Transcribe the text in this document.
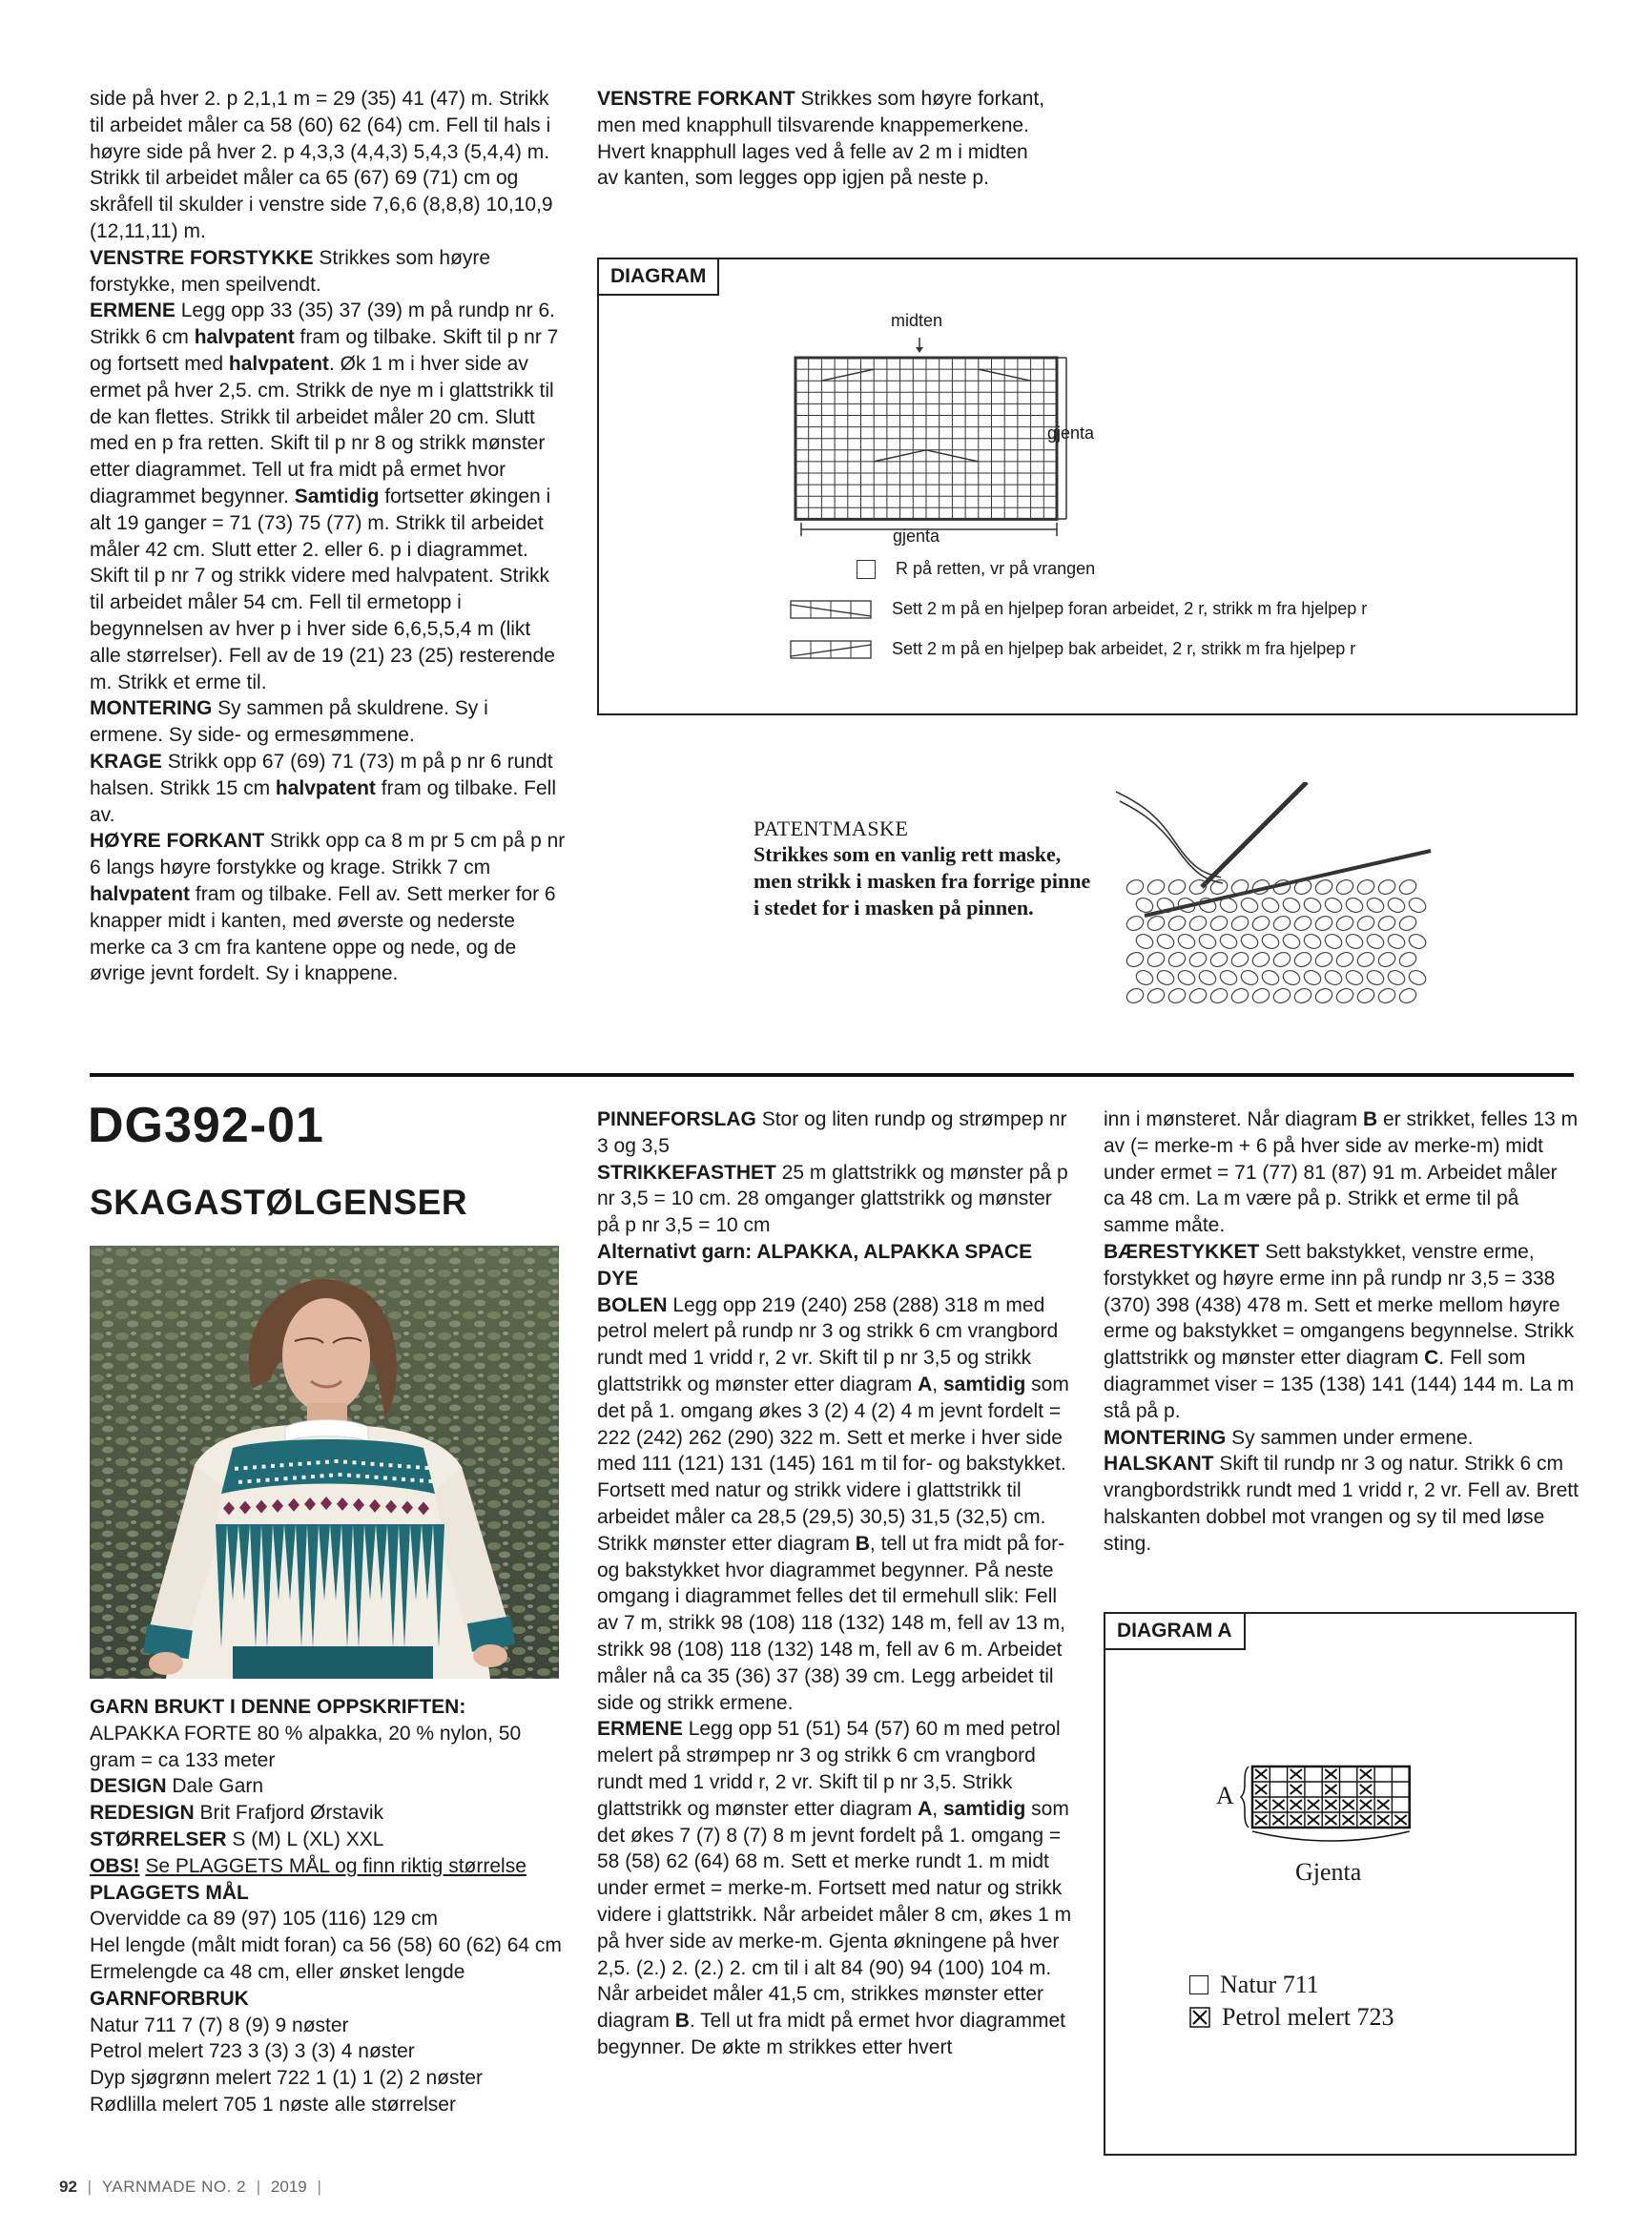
side på hver 2. p 2,1,1 m = 29 (35) 41 (47) m. Strikk til arbeidet måler ca 58 (60) 62 (64) cm. Fell til hals i høyre side på hver 2. p 4,3,3 (4,4,3) 5,4,3 (5,4,4) m. Strikk til arbeidet måler ca 65 (67) 69 (71) cm og skråfell til skulder i venstre side 7,6,6 (8,8,8) 10,10,9 (12,11,11) m.

VENSTRE FORSTYKKE Strikkes som høyre forstykke, men speilvendt.

ERMENE Legg opp 33 (35) 37 (39) m på rundp nr 6. Strikk 6 cm halvpatent fram og tilbake. Skift til p nr 7 og fortsett med halvpatent. Øk 1 m i hver side av ermet på hver 2,5. cm. Strikk de nye m i glattstrikk til de kan flettes. Strikk til arbeidet måler 20 cm. Slutt med en p fra retten. Skift til p nr 8 og strikk mønster etter diagrammet. Tell ut fra midt på ermet hvor diagrammet begynner. Samtidig fortsetter økingen i alt 19 ganger = 71 (73) 75 (77) m. Strikk til arbeidet måler 42 cm. Slutt etter 2. eller 6. p i diagrammet. Skift til p nr 7 og strikk videre med halvpatent. Strikk til arbeidet måler 54 cm. Fell til ermetopp i begynnelsen av hver p i hver side 6,6,5,5,4 m (likt alle størrelser). Fell av de 19 (21) 23 (25) resterende m. Strikk et erme til.

MONTERING Sy sammen på skuldrene. Sy i ermene. Sy side- og ermesømmene.

KRAGE Strikk opp 67 (69) 71 (73) m på p nr 6 rundt halsen. Strikk 15 cm halvpatent fram og tilbake. Fell av.

HØYRE FORKANT Strikk opp ca 8 m pr 5 cm på p nr 6 langs høyre forstykke og krage. Strikk 7 cm halvpatent fram og tilbake. Fell av. Sett merker for 6 knapper midt i kanten, med øverste og nederste merke ca 3 cm fra kantene oppe og nede, og de øvrige jevnt fordelt. Sy i knappene.

VENSTRE FORKANT Strikkes som høyre forkant, men med knapphull tilsvarende knappemerkene. Hvert knapphull lages ved å felle av 2 m i midten av kanten, som legges opp igjen på neste p.

DIAGRAM
midten
gjenta
gjenta
R på retten, vr på vrangen
Sett 2 m på en hjelpep foran arbeidet, 2 r, strikk m fra hjelpep r
Sett 2 m på en hjelpep bak arbeidet, 2 r, strikk m fra hjelpep r
PATENTMASKE
Strikkes som en vanlig rett maske,
men strikk i masken fra forrige pinne
i stedet for i masken på pinnen.
DG392-01
SKAGASTØLGENSER

GARN BRUKT I DENNE OPPSKRIFTEN:

ALPAKKA FORTE 80 % alpakka, 20 % nylon, 50 gram = ca 133 meter

DESIGN Dale Garn

REDESIGN Brit Frafjord Ørstavik

STØRRELSER S (M) L (XL) XXL

OBS! Se PLAGGETS MÅL og finn riktig størrelse

PLAGGETS MÅL

Overvidde ca 89 (97) 105 (116) 129 cm

Hel lengde (målt midt foran) ca 56 (58) 60 (62) 64 cm

Ermelengde ca 48 cm, eller ønsket lengde

GARNFORBRUK

Natur 711 7 (7) 8 (9) 9 nøster

Petrol melert 723 3 (3) 3 (3) 4 nøster

Dyp sjøgrønn melert 722 1 (1) 1 (2) 2 nøster

Rødlilla melert 705 1 nøste alle størrelser

PINNEFORSLAG Stor og liten rundp og strømpep nr 3 og 3,5

STRIKKEFASTHET 25 m glattstrikk og mønster på p nr 3,5 = 10 cm. 28 omganger glattstrikk og mønster på p nr 3,5 = 10 cm

Alternativt garn: ALPAKKA, ALPAKKA SPACE DYE

BOLEN Legg opp 219 (240) 258 (288) 318 m med petrol melert på rundp nr 3 og strikk 6 cm vrangbord rundt med 1 vridd r, 2 vr. Skift til p nr 3,5 og strikk glattstrikk og mønster etter diagram A, samtidig som det på 1. omgang økes 3 (2) 4 (2) 4 m jevnt fordelt = 222 (242) 262 (290) 322 m. Sett et merke i hver side med 111 (121) 131 (145) 161 m til for- og bakstykket. Fortsett med natur og strikk videre i glattstrikk til arbeidet måler ca 28,5 (29,5) 30,5) 31,5 (32,5) cm. Strikk mønster etter diagram B, tell ut fra midt på for- og bakstykket hvor diagrammet begynner. På neste omgang i diagrammet felles det til ermehull slik: Fell av 7 m, strikk 98 (108) 118 (132) 148 m, fell av 13 m, strikk 98 (108) 118 (132) 148 m, fell av 6 m. Arbeidet måler nå ca 35 (36) 37 (38) 39 cm. Legg arbeidet til side og strikk ermene.

ERMENE Legg opp 51 (51) 54 (57) 60 m med petrol melert på strømpep nr 3 og strikk 6 cm vrangbord rundt med 1 vridd r, 2 vr. Skift til p nr 3,5. Strikk glattstrikk og mønster etter diagram A, samtidig som det økes 7 (7) 8 (7) 8 m jevnt fordelt på 1. omgang = 58 (58) 62 (64) 68 m. Sett et merke rundt 1. m midt under ermet = merke-m. Fortsett med natur og strikk videre i glattstrikk. Når arbeidet måler 8 cm, økes 1 m på hver side av merke-m. Gjenta økningene på hver 2,5. (2.) 2. (2.) 2. cm til i alt 84 (90) 94 (100) 104 m. Når arbeidet måler 41,5 cm, strikkes mønster etter diagram B. Tell ut fra midt på ermet hvor diagrammet begynner. De økte m strikkes etter hvert

inn i mønsteret. Når diagram B er strikket, felles 13 m av (= merke-m + 6 på hver side av merke-m) midt under ermet = 71 (77) 81 (87) 91 m. Arbeidet måler ca 48 cm. La m være på p. Strikk et erme til på samme måte.

BÆRESTYKKET Sett bakstykket, venstre erme, forstykket og høyre erme inn på rundp nr 3,5 = 338 (370) 398 (438) 478 m. Sett et merke mellom høyre erme og bakstykket = omgangens begynnelse. Strikk glattstrikk og mønster etter diagram C. Fell som diagrammet viser = 135 (138) 141 (144) 144 m. La m stå på p.

MONTERING Sy sammen under ermene.

HALSKANT Skift til rundp nr 3 og natur. Strikk 6 cm vrangbordstrikk rundt med 1 vridd r, 2 vr. Fell av. Brett halskanten dobbel mot vrangen og sy til med løse sting.

DIAGRAM A
A
Gjenta
Natur 711
Petrol melert 723
92 | YARNMADE NO. 2 | 2019 |
